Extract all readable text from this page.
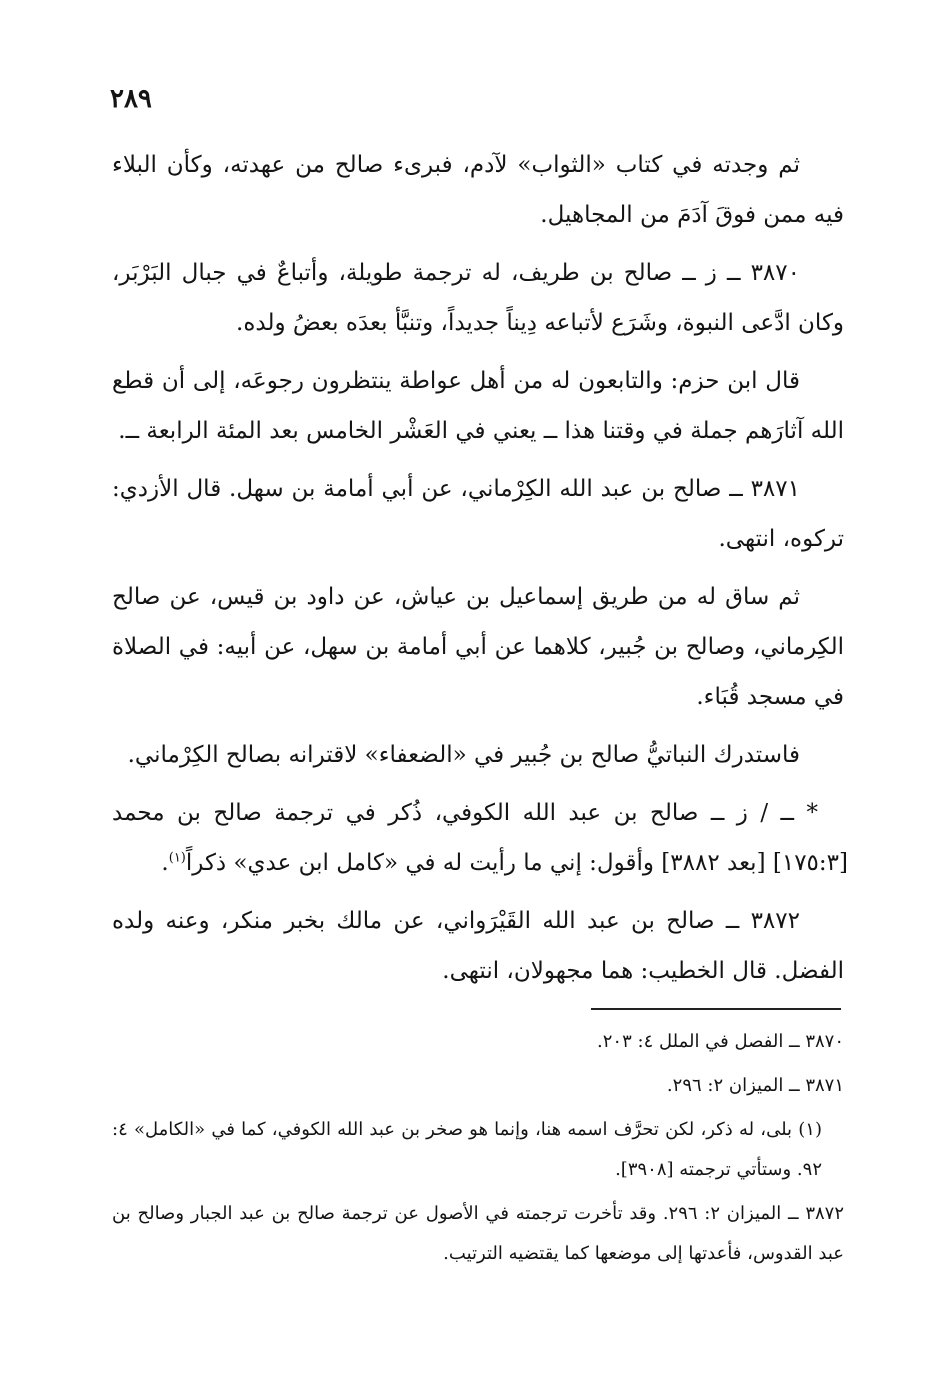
٢٨٩

ثم وجدته في كتاب «الثواب» لآدم، فبرىء صالح من عهدته، وكأن البلاء فيه ممن فوقَ آدَمَ من المجاهيل.

٣٨٧٠ ــ ز ــ صالح بن طريف، له ترجمة طويلة، وأتباعٌ في جبال البَرْبَر، وكان ادَّعى النبوة، وشَرَع لأتباعه دِيناً جديداً، وتنبَّأ بعدَه بعضُ ولده.

قال ابن حزم: والتابعون له من أهل عواطة ينتظرون رجوعَه، إلى أن قطع الله آثارَهم جملة في وقتنا هذا ــ يعني في العَشْر الخامس بعد المئة الرابعة ــ.

٣٨٧١ ــ صالح بن عبد الله الكِرْماني، عن أبي أمامة بن سهل. قال الأزدي: تركوه، انتهى.

ثم ساق له من طريق إسماعيل بن عياش، عن داود بن قيس، عن صالح الكِرماني، وصالح بن جُبير، كلاهما عن أبي أمامة بن سهل، عن أبيه: في الصلاة في مسجد قُبَاء.

فاستدرك النباتيُّ صالح بن جُبير في «الضعفاء» لاقترانه بصالح الكِرْماني.

* ــ / ز ــ صالح بن عبد الله الكوفي، ذُكر في ترجمة صالح بن محمد [١٧٥:٣] [بعد ٣٨٨٢] وأقول: إني ما رأيت له في «كامل ابن عدي» ذكراً$^{(١)}$.

٣٨٧٢ ــ صالح بن عبد الله القَيْرَواني، عن مالك بخبر منكر، وعنه ولده الفضل. قال الخطيب: هما مجهولان، انتهى.

٣٨٧٠ ــ الفصل في الملل ٤: ٢٠٣.

٣٨٧١ ــ الميزان ٢: ٢٩٦.

(١) بلى، له ذكر، لكن تحرَّف اسمه هنا، وإنما هو صخر بن عبد الله الكوفي، كما في «الكامل» ٤: ٩٢. وستأتي ترجمته [٣٩٠٨].

٣٨٧٢ ــ الميزان ٢: ٢٩٦. وقد تأخرت ترجمته في الأصول عن ترجمة صالح بن عبد الجبار وصالح بن عبد القدوس، فأعدتها إلى موضعها كما يقتضيه الترتيب.
